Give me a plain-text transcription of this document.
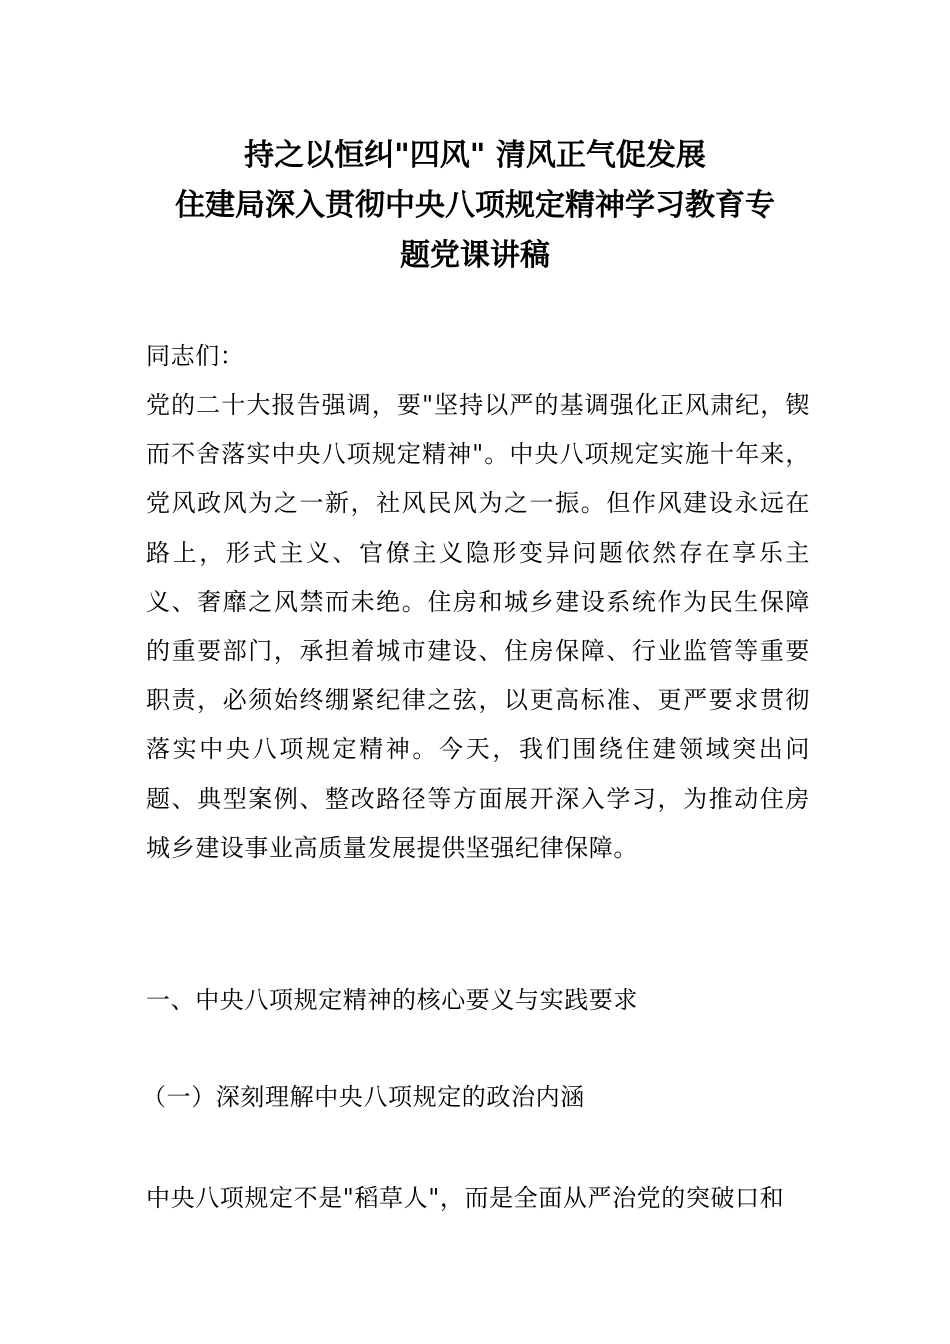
持之以恒纠"四风" 清风正气促发展
住建局深入贯彻中央八项规定精神学习教育专
题党课讲稿
同志们：
党的二十大报告强调，要"坚持以严的基调强化正风肃纪，锲而不舍落实中央八项规定精神"。中央八项规定实施十年来，党风政风为之一新，社风民风为之一振。但作风建设永远在路上，形式主义、官僚主义隐形变异问题依然存在享乐主义、奢靡之风禁而未绝。住房和城乡建设系统作为民生保障的重要部门，承担着城市建设、住房保障、行业监管等重要职责，必须始终绷紧纪律之弦，以更高标准、更严要求贯彻落实中央八项规定精神。今天，我们围绕住建领域突出问题、典型案例、整改路径等方面展开深入学习，为推动住房城乡建设事业高质量发展提供坚强纪律保障。
一、中央八项规定精神的核心要义与实践要求
（一）深刻理解中央八项规定的政治内涵
中央八项规定不是"稻草人"，而是全面从严治党的突破口和
